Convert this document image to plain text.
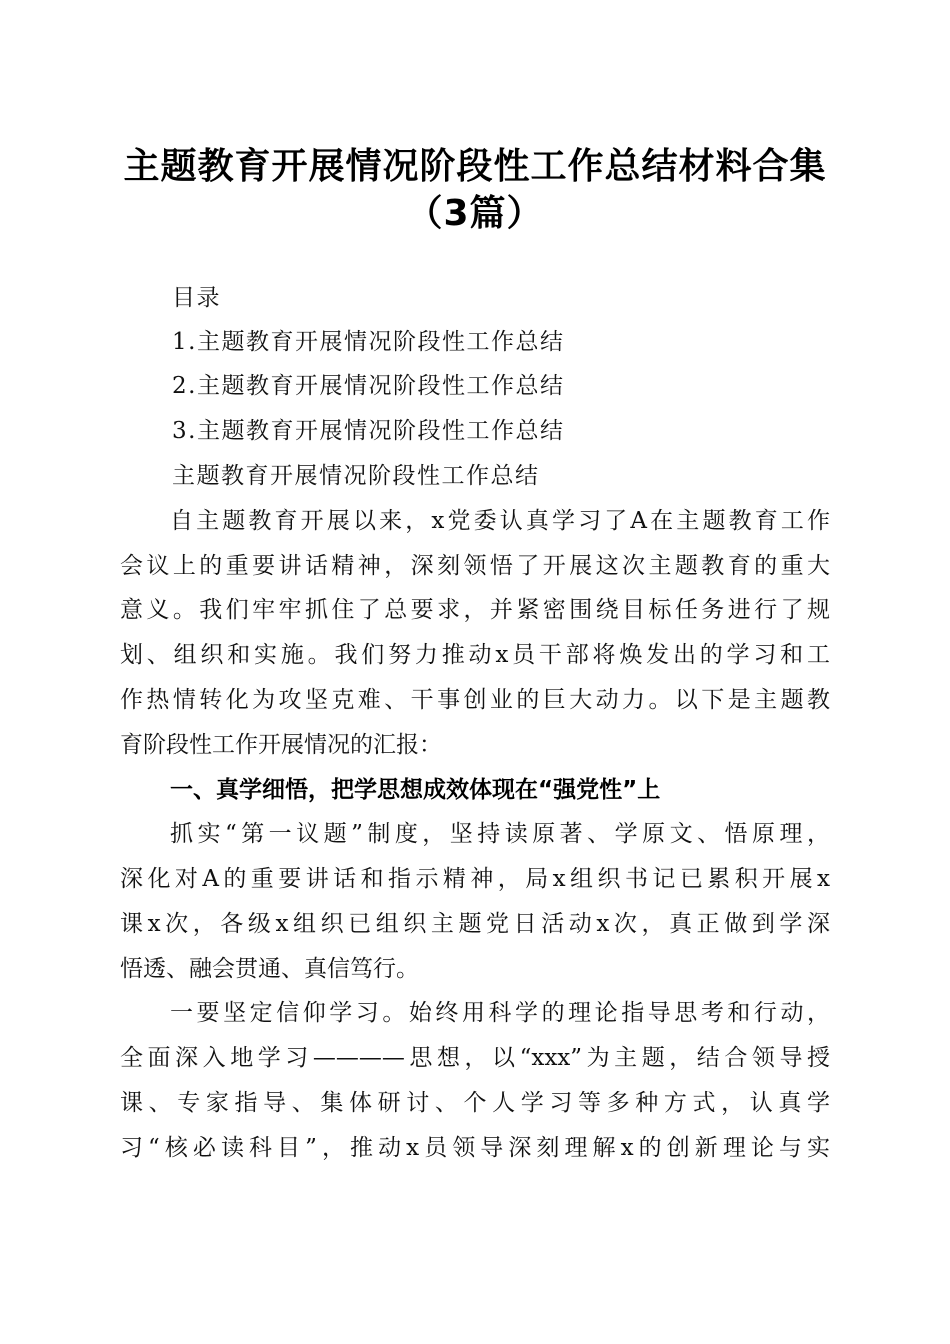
主题教育开展情况阶段性工作总结材料合集
（3篇）
目录
1.主题教育开展情况阶段性工作总结
2.主题教育开展情况阶段性工作总结
3.主题教育开展情况阶段性工作总结
主题教育开展情况阶段性工作总结
自主题教育开展以来，x党委认真学习了A在主题教育工作
会议上的重要讲话精神，深刻领悟了开展这次主题教育的重大
意义。我们牢牢抓住了总要求，并紧密围绕目标任务进行了规
划、组织和实施。我们努力推动x员干部将焕发出的学习和工
作热情转化为攻坚克难、干事创业的巨大动力。以下是主题教
育阶段性工作开展情况的汇报：
一、真学细悟，把学思想成效体现在“强党性”上
抓实“第一议题”制度，坚持读原著、学原文、悟原理，
深化对A的重要讲话和指示精神，局x组织书记已累积开展x
课x次，各级x组织已组织主题党日活动x次，真正做到学深
悟透、融会贯通、真信笃行。
一要坚定信仰学习。始终用科学的理论指导思考和行动，
全面深入地学习————思想，以“xxx”为主题，结合领导授
课、专家指导、集体研讨、个人学习等多种方式，认真学
习“核必读科目”，推动x员领导深刻理解x的创新理论与实
